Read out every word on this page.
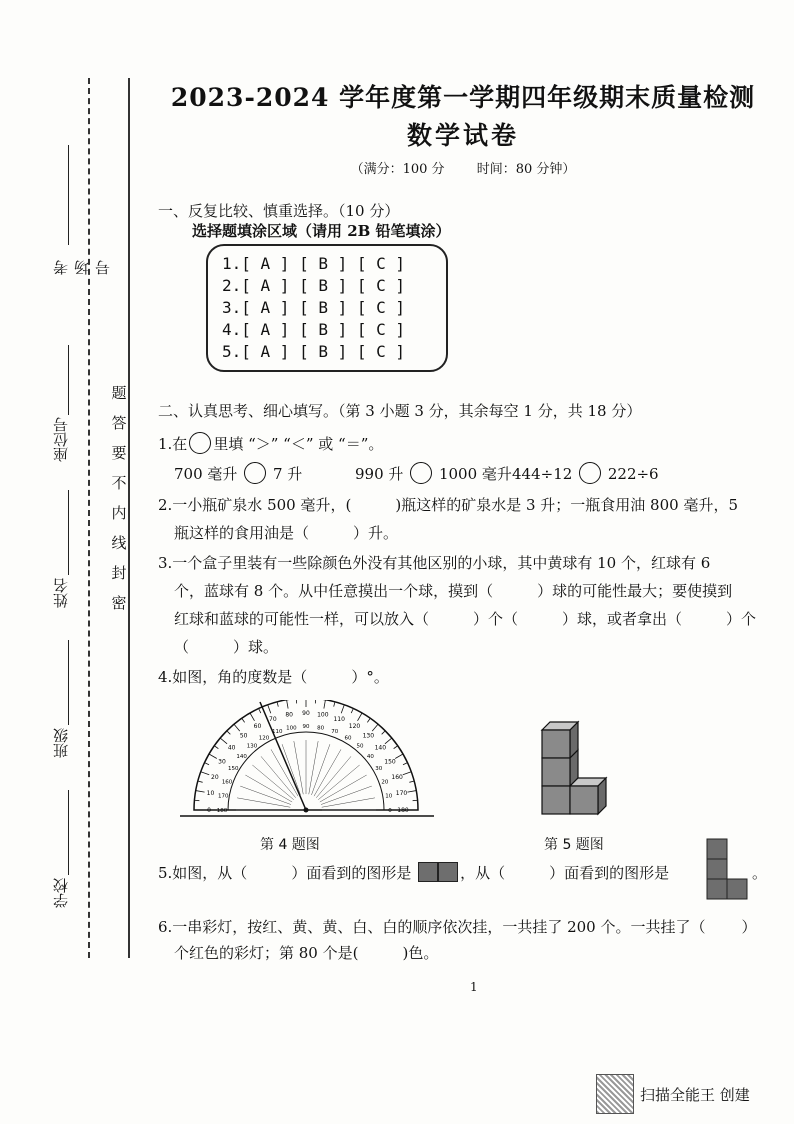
考场号
座位号
姓名
班级
学校
题
答
要
不
内
线
封
密
2023-2024 学年度第一学期四年级期末质量检测
数学试卷
（满分：100 分 时间：80 分钟）
一、反复比较、慎重选择。（10 分）
选择题填涂区域（请用 2B 铅笔填涂）
1.[ A ] [ B ] [ C ]
2.[ A ] [ B ] [ C ]
3.[ A ] [ B ] [ C ]
4.[ A ] [ B ] [ C ]
5.[ A ] [ B ] [ C ]
二、认真思考、细心填写。（第 3 小题 3 分，其余每空 1 分，共 18 分）
1.在 里填 “＞” “＜” 或 “＝”。
700 毫升 7 升	990 升 1000 毫升 444÷12 222÷6
2.一小瓶矿泉水 500 毫升，(	)瓶这样的矿泉水是 3 升；一瓶食用油 800 毫升，5
瓶这样的食用油是（	）升。
3.一个盒子里装有一些除颜色外没有其他区别的小球，其中黄球有 10 个，红球有 6
个，蓝球有 8 个。从中任意摸出一个球，摸到（	）球的可能性最大；要使摸到
红球和蓝球的可能性一样，可以放入（	）个（	）球，或者拿出（	）个
（	）球。
4.如图，角的度数是（	）°。
0
10
20
30
40
50
60
70
80 90 100
110
120
130
140
150
160
170
180
180
170
160
150
140
130
120
110
100 90 80
70
60
50
40
30
20
10
0
第 4 题图	第 5 题图
5.如图，从（	）面看到的图形是	，从（	）面看到的图形是	。
6.一串彩灯，按红、黄、黄、白、白的顺序依次挂，一共挂了 200 个。一共挂了（ ）
个红色的彩灯；第 80 个是(	)色。
1
扫描全能王 创建
